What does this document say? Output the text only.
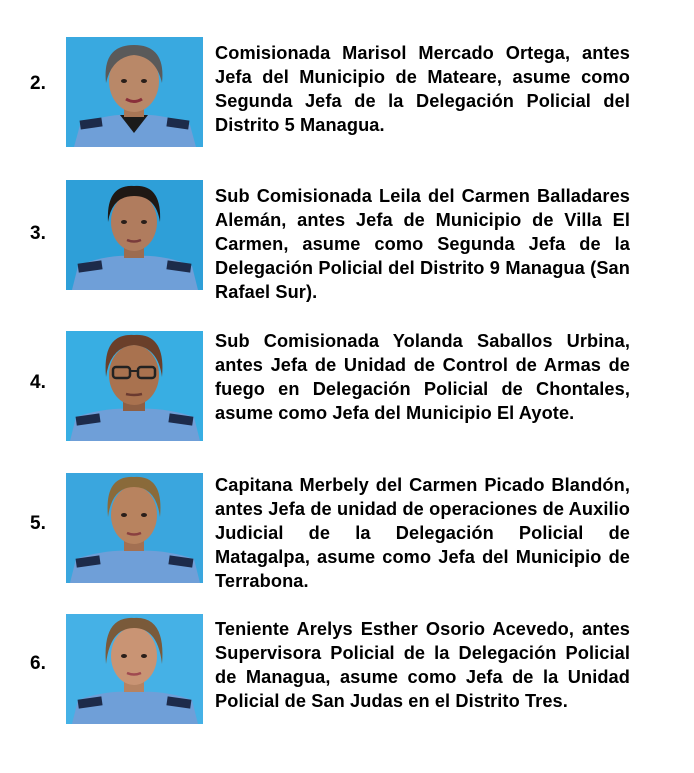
2.
Comisionada Marisol Mercado Ortega, antes Jefa del Municipio de Mateare, asume como Segunda Jefa de la Delegación Policial del Distrito 5 Managua.
3.
Sub Comisionada Leila del Carmen Balladares Alemán, antes Jefa de Municipio de Villa El Carmen, asume como Segunda Jefa de la Delegación Policial del Distrito 9 Managua (San Rafael Sur).
4.
Sub Comisionada Yolanda Saballos Urbina, antes Jefa de Unidad de Control de Armas de fuego en Delegación Policial de Chontales, asume como Jefa del Municipio El Ayote.
5.
Capitana Merbely del Carmen Picado Blandón, antes Jefa de unidad de operaciones de Auxilio Judicial de la Delegación Policial de Matagalpa, asume como Jefa del Municipio de Terrabona.
6.
Teniente Arelys Esther Osorio Acevedo, antes Supervisora Policial de la Delegación Policial de Managua, asume como Jefa de la Unidad Policial de San Judas en el Distrito Tres.
